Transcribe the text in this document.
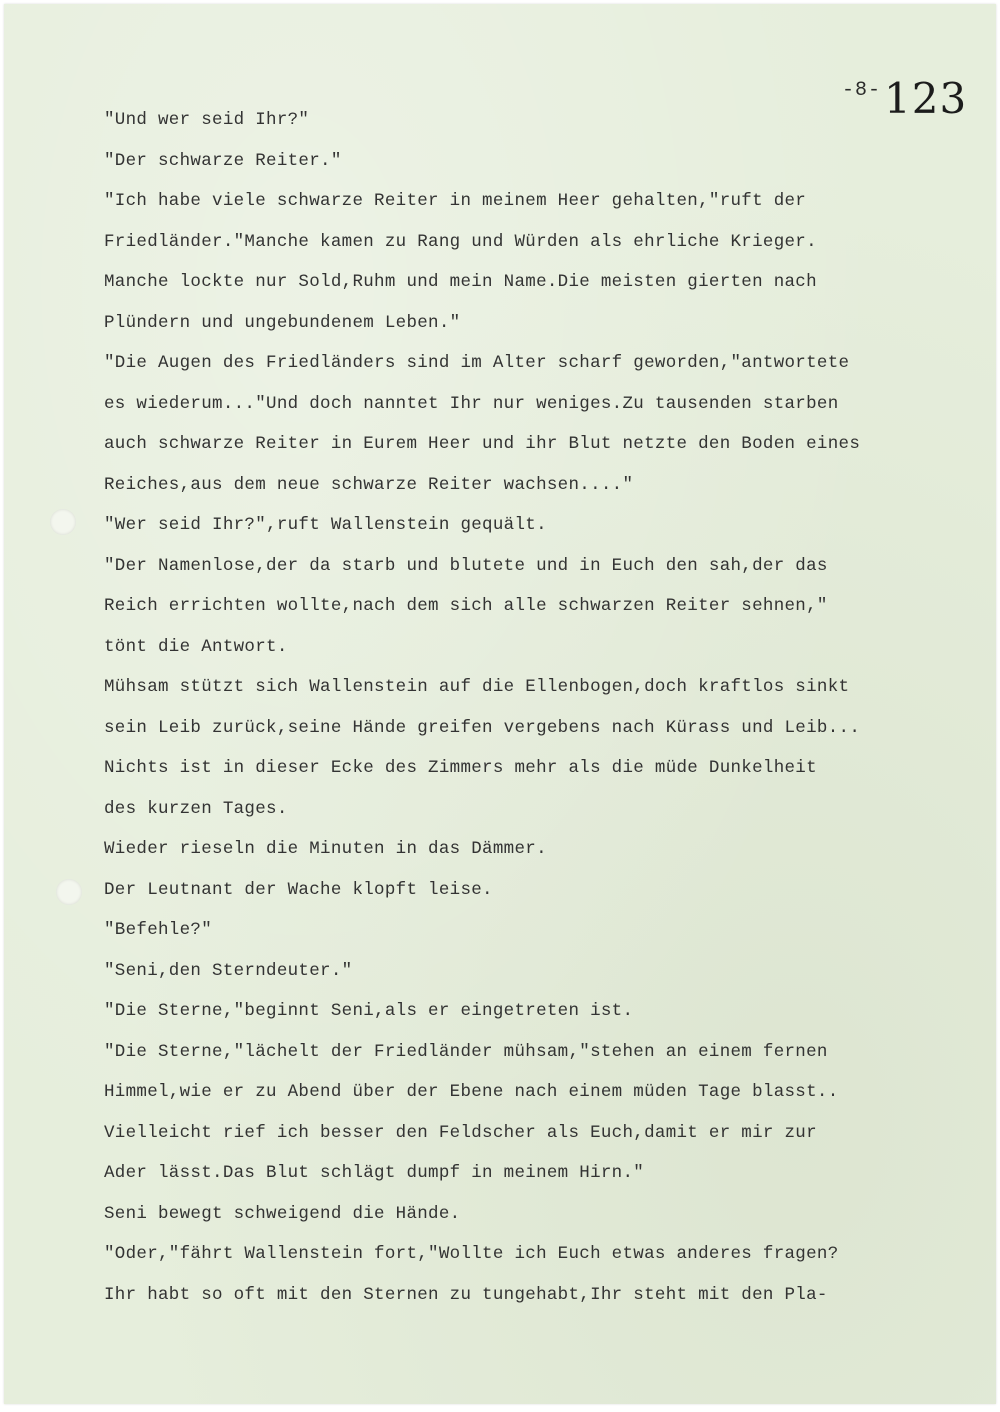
-8- 123
"Und wer seid Ihr?"
"Der schwarze Reiter."
"Ich habe viele schwarze Reiter in meinem Heer gehalten,"ruft der
Friedländer."Manche kamen zu Rang und Würden als ehrliche Krieger.
Manche lockte nur Sold,Ruhm und mein Name.Die meisten gierten nach
Plündern und ungebundenem Leben."
"Die Augen des Friedländers sind im Alter scharf geworden,"antwortete
es wiederum..."Und doch nanntet Ihr nur weniges.Zu tausenden starben
auch schwarze Reiter in Eurem Heer und ihr Blut netzte den Boden eines
Reiches,aus dem neue schwarze Reiter wachsen...."
"Wer seid Ihr?",ruft Wallenstein gequält.
"Der Namenlose,der da starb und blutete und in Euch den sah,der das
Reich errichten wollte,nach dem sich alle schwarzen Reiter sehnen,"
tönt die Antwort.
Mühsam stützt sich Wallenstein auf die Ellenbogen,doch kraftlos sinkt
sein Leib zurück,seine Hände greifen vergebens nach Kürass und Leib...
Nichts ist in dieser Ecke des Zimmers mehr als die müde Dunkelheit
des kurzen Tages.
Wieder rieseln die Minuten in das Dämmer.
Der Leutnant der Wache klopft leise.
"Befehle?"
"Seni,den Sterndeuter."
"Die Sterne,"beginnt Seni,als er eingetreten ist.
"Die Sterne,"lächelt der Friedländer mühsam,"stehen an einem fernen
Himmel,wie er zu Abend über der Ebene nach einem müden Tage blasst..
Vielleicht rief ich besser den Feldscher als Euch,damit er mir zur
Ader lässt.Das Blut schlägt dumpf in meinem Hirn."
Seni bewegt schweigend die Hände.
"Oder,"fährt Wallenstein fort,"Wollte ich Euch etwas anderes fragen?
Ihr habt so oft mit den Sternen zu tungehabt,Ihr steht mit den Pla-
